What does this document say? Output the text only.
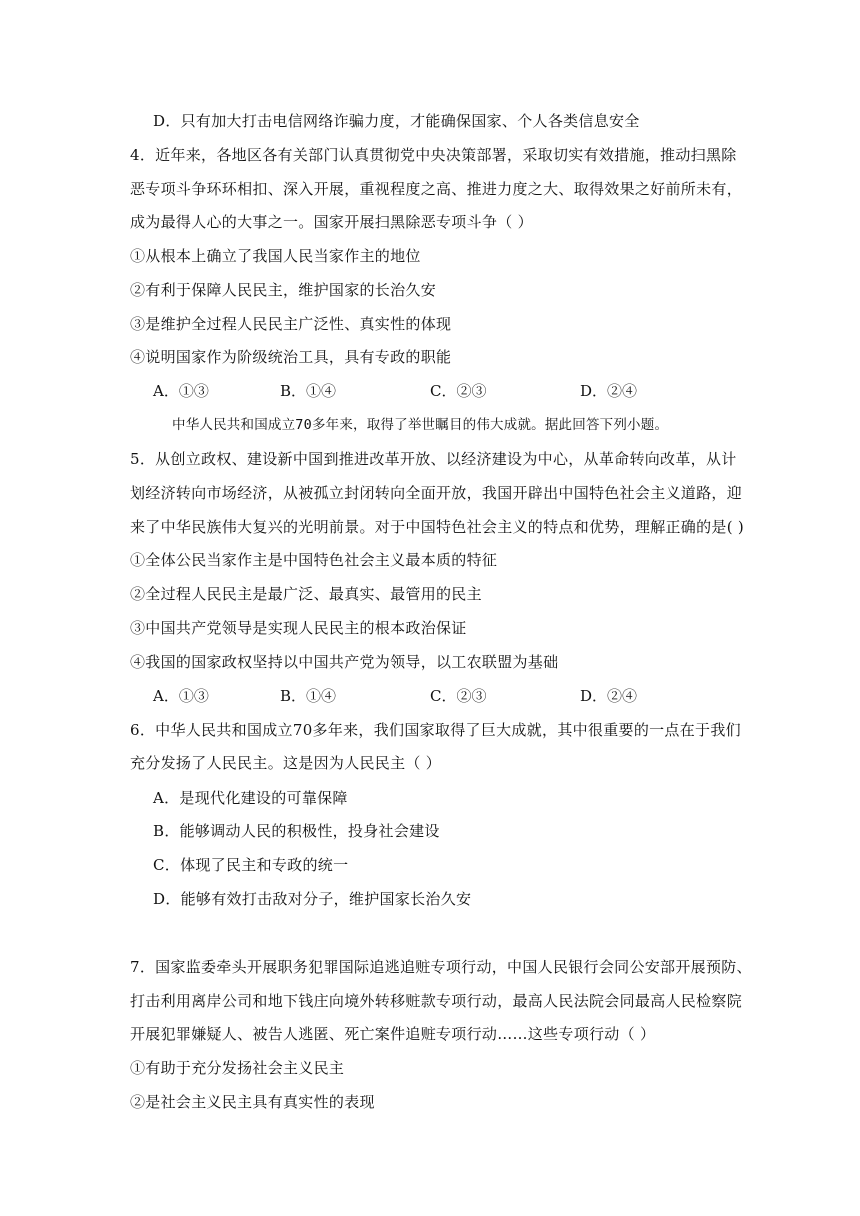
D．只有加大打击电信网络诈骗力度，才能确保国家、个人各类信息安全
4．近年来，各地区各有关部门认真贯彻党中央决策部署，采取切实有效措施，推动扫黑除
恶专项斗争环环相扣、深入开展，重视程度之高、推进力度之大、取得效果之好前所未有，
成为最得人心的大事之一。国家开展扫黑除恶专项斗争（ ）
①从根本上确立了我国人民当家作主的地位
②有利于保障人民民主，维护国家的长治久安
③是维护全过程人民民主广泛性、真实性的体现
④说明国家作为阶级统治工具，具有专政的职能
A．①③	B．①④	C．②③	D．②④
中华人民共和国成立70多年来，取得了举世瞩目的伟大成就。据此回答下列小题。
5．从创立政权、建设新中国到推进改革开放、以经济建设为中心，从革命转向改革，从计
划经济转向市场经济，从被孤立封闭转向全面开放，我国开辟出中国特色社会主义道路，迎
来了中华民族伟大复兴的光明前景。对于中国特色社会主义的特点和优势，理解正确的是( )
①全体公民当家作主是中国特色社会主义最本质的特征
②全过程人民民主是最广泛、最真实、最管用的民主
③中国共产党领导是实现人民民主的根本政治保证
④我国的国家政权坚持以中国共产党为领导，以工农联盟为基础
A．①③	B．①④	C．②③	D．②④
6．中华人民共和国成立70多年来，我们国家取得了巨大成就，其中很重要的一点在于我们
充分发扬了人民民主。这是因为人民民主（ ）
A．是现代化建设的可靠保障
B．能够调动人民的积极性，投身社会建设
C．体现了民主和专政的统一
D．能够有效打击敌对分子，维护国家长治久安
7．国家监委牵头开展职务犯罪国际追逃追赃专项行动，中国人民银行会同公安部开展预防、
打击利用离岸公司和地下钱庄向境外转移赃款专项行动，最高人民法院会同最高人民检察院
开展犯罪嫌疑人、被告人逃匿、死亡案件追赃专项行动……这些专项行动（ ）
①有助于充分发扬社会主义民主
②是社会主义民主具有真实性的表现
